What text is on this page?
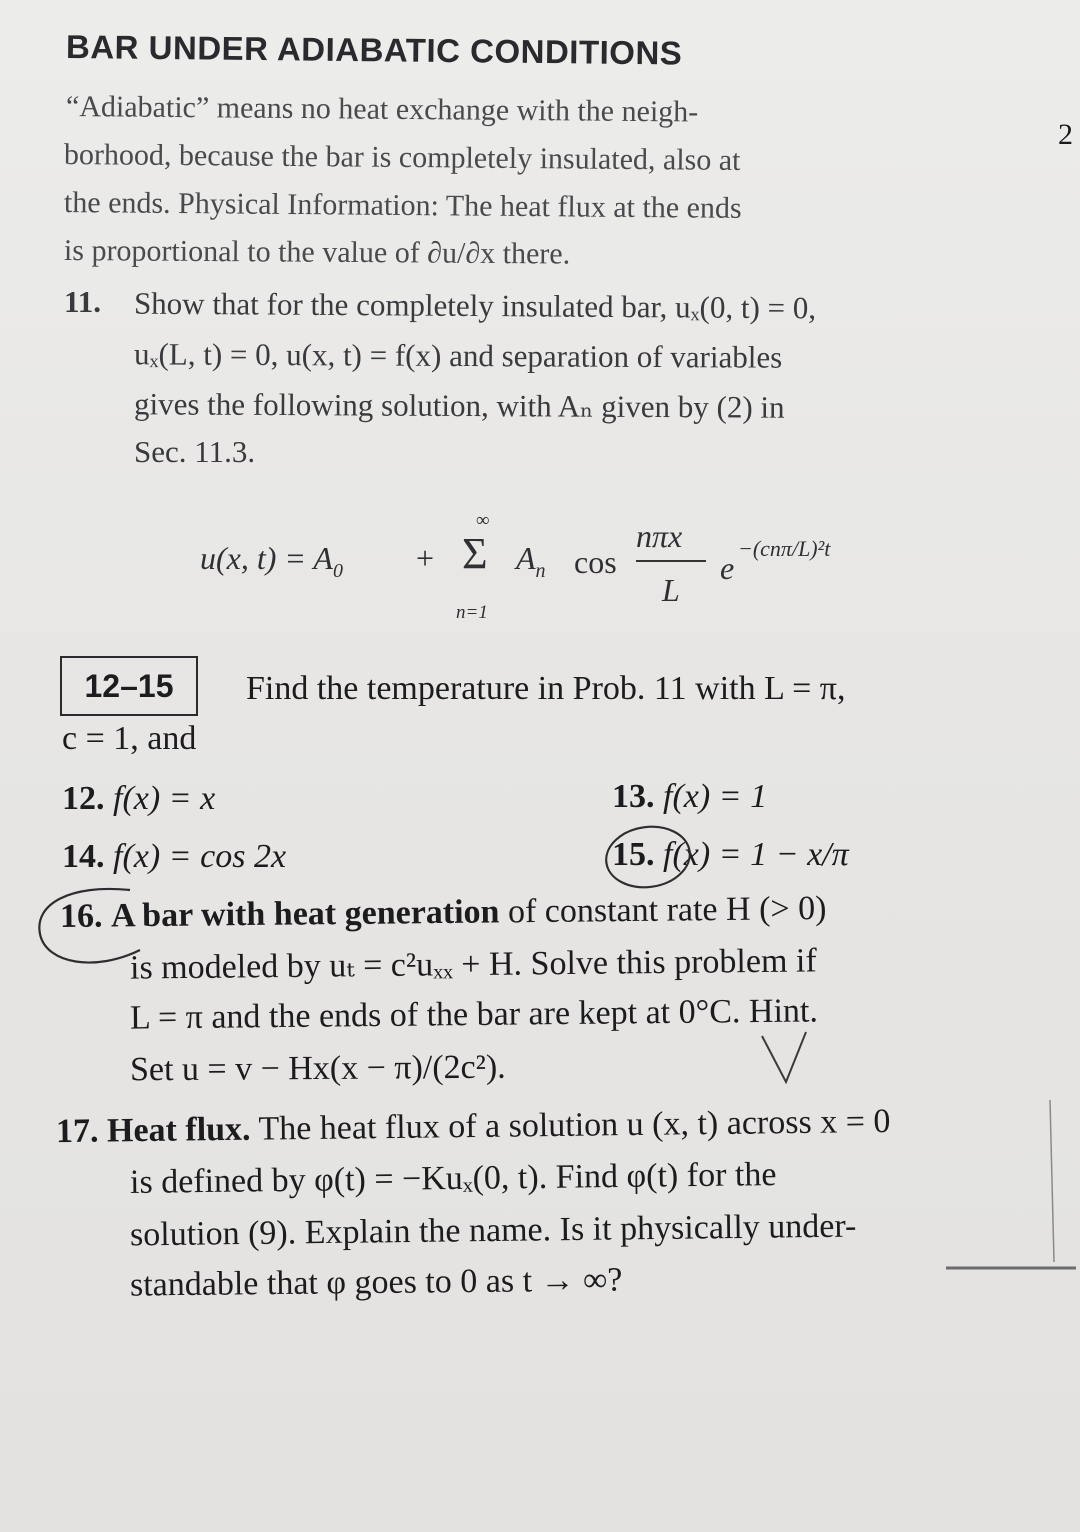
BAR UNDER ADIABATIC CONDITIONS
“Adiabatic” means no heat exchange with the neigh-
borhood, because the bar is completely insulated, also at
the ends. Physical Information: The heat flux at the ends
is proportional to the value of ∂u/∂x there.
2
11. Show that for the completely insulated bar, uₓ(0, t) = 0,
uₓ(L, t) = 0, u(x, t) = f(x) and separation of variables
gives the following solution, with Aₙ given by (2) in
Sec. 11.3.
u(x, $t) = A_0$ +
∞
Σ
n=1
$A_n$ cos
nπx
L
e
−(cnπ/L)²t
12–15	Find the temperature in Prob. 11 with L = π,
c = 1, and
12. f(x) = x	13. f(x) = 1
14. f(x) = cos 2x	15. f(x) = 1 − x/π
16. A bar with heat generation of constant rate H (> 0)
is modeled by uₜ = c²uₓₓ + H. Solve this problem if
L = π and the ends of the bar are kept at 0°C. Hint.
Set u = v − Hx(x − π)/(2c²).
17. Heat flux. The heat flux of a solution u (x, t) across x = 0
is defined by φ(t) = −Kuₓ(0, t). Find φ(t) for the
solution (9). Explain the name. Is it physically under-
standable that φ goes to 0 as t → ∞?
